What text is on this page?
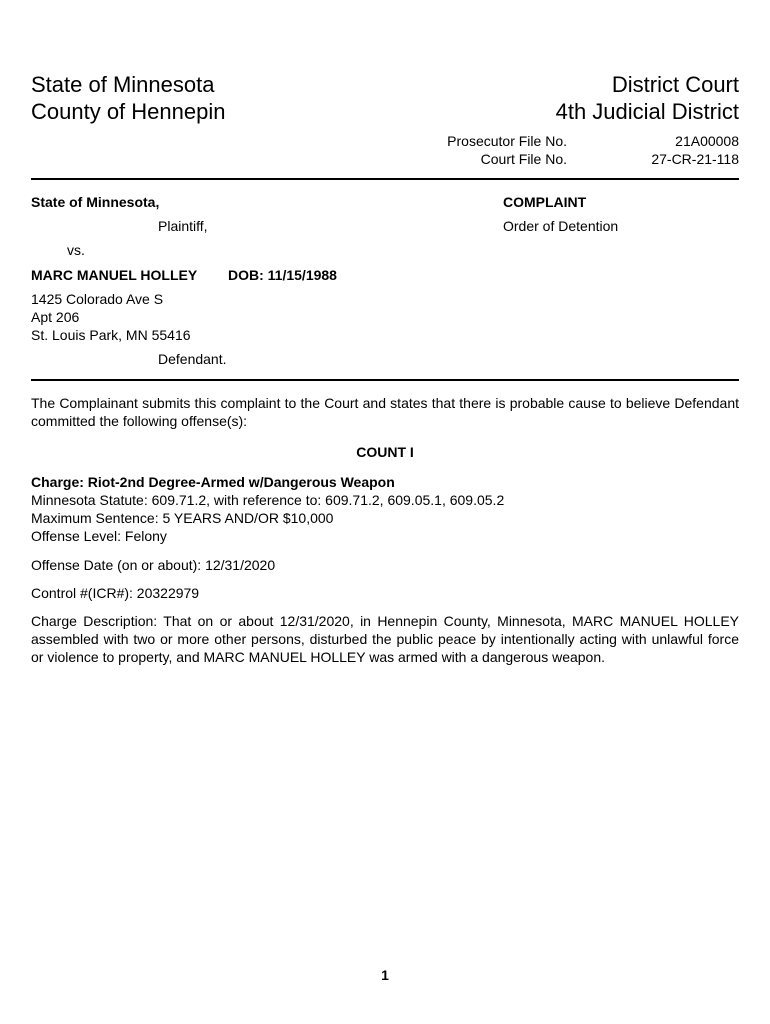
State of Minnesota
County of Hennepin
District Court
4th Judicial District
Prosecutor File No.
Court File No.
21A00008
27-CR-21-118
State of Minnesota,	COMPLAINT
Plaintiff,	Order of Detention
vs.
MARC MANUEL HOLLEY DOB: 11/15/1988
1425 Colorado Ave S
Apt 206
St. Louis Park, MN 55416
Defendant.
The Complainant submits this complaint to the Court and states that there is probable cause to believe Defendant committed the following offense(s):
COUNT I
Charge: Riot-2nd Degree-Armed w/Dangerous Weapon
Minnesota Statute: 609.71.2, with reference to: 609.71.2, 609.05.1, 609.05.2
Maximum Sentence: 5 YEARS AND/OR $10,000
Offense Level: Felony
Offense Date (on or about): 12/31/2020
Control #(ICR#): 20322979
Charge Description: That on or about 12/31/2020, in Hennepin County, Minnesota, MARC MANUEL HOLLEY assembled with two or more other persons, disturbed the public peace by intentionally acting with unlawful force or violence to property, and MARC MANUEL HOLLEY was armed with a dangerous weapon.
1
